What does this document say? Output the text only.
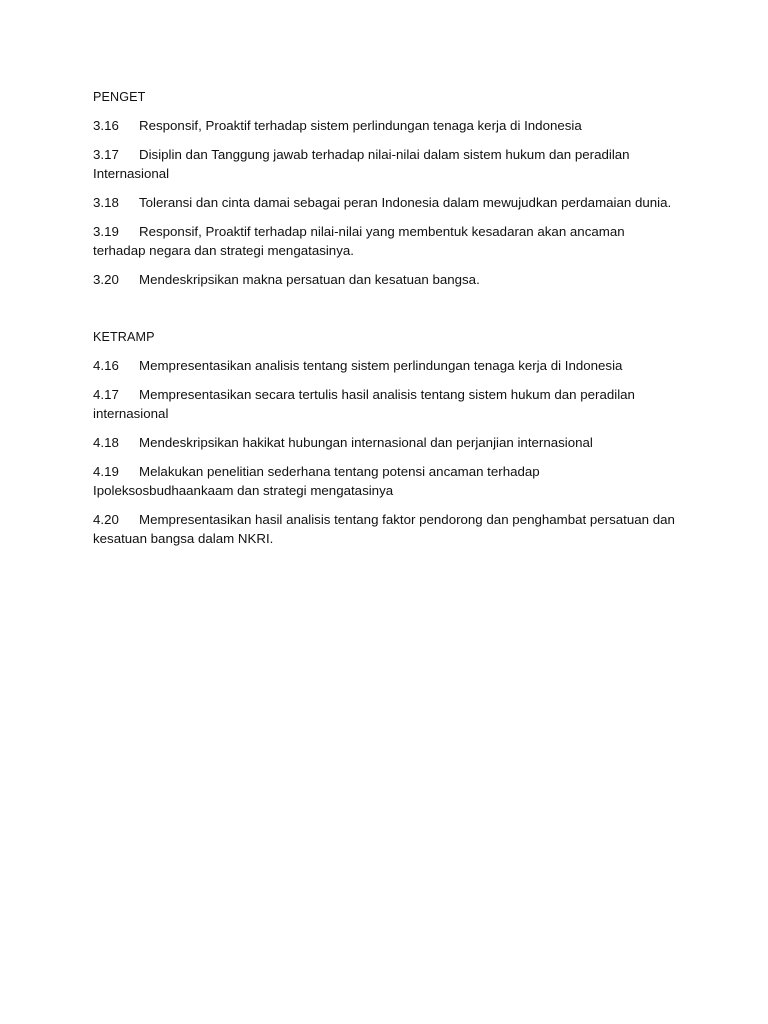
PENGET
3.16 Responsif, Proaktif terhadap sistem perlindungan tenaga kerja di Indonesia
3.17 Disiplin dan Tanggung jawab terhadap nilai-nilai dalam sistem hukum dan peradilan Internasional
3.18 Toleransi dan cinta damai sebagai peran Indonesia dalam mewujudkan perdamaian dunia.
3.19 Responsif, Proaktif terhadap nilai-nilai yang membentuk kesadaran akan ancaman terhadap negara dan strategi mengatasinya.
3.20 Mendeskripsikan makna persatuan dan kesatuan bangsa.
KETRAMP
4.16 Mempresentasikan analisis tentang sistem perlindungan tenaga kerja di Indonesia
4.17 Mempresentasikan secara tertulis hasil analisis tentang sistem hukum dan peradilan internasional
4.18 Mendeskripsikan hakikat hubungan internasional dan perjanjian internasional
4.19 Melakukan penelitian sederhana tentang potensi ancaman terhadap Ipoleksosbudhaankaam dan strategi mengatasinya
4.20 Mempresentasikan hasil analisis tentang faktor pendorong dan penghambat persatuan dan kesatuan bangsa dalam NKRI.
